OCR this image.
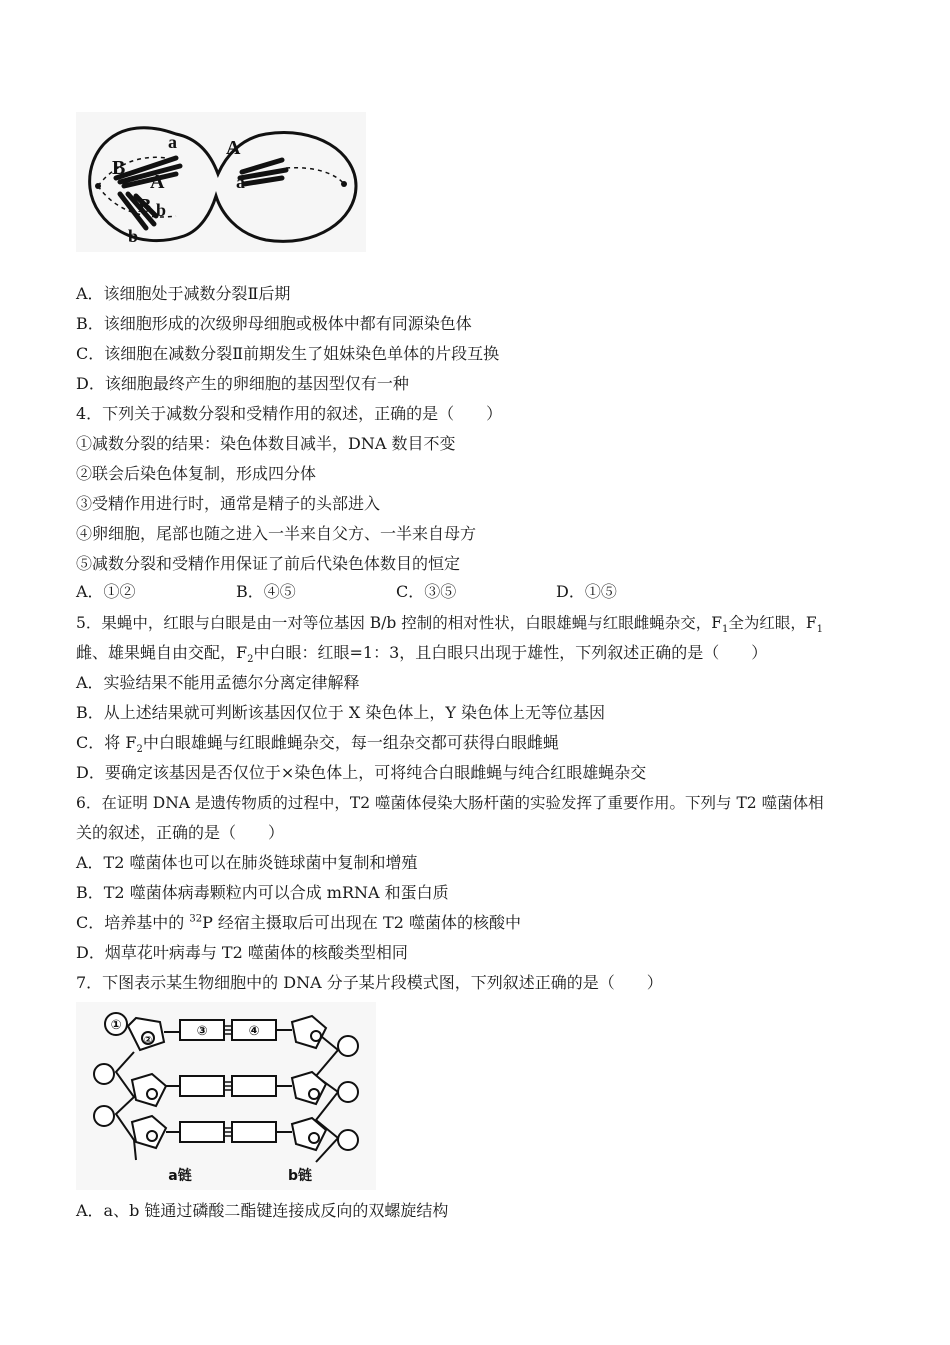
a A
B
A	a
B b
b
A．该细胞处于减数分裂Ⅱ后期
B．该细胞形成的次级卵母细胞或极体中都有同源染色体
C．该细胞在减数分裂Ⅱ前期发生了姐妹染色单体的片段互换
D．该细胞最终产生的卵细胞的基因型仅有一种
4．下列关于减数分裂和受精作用的叙述，正确的是（　　）
①减数分裂的结果：染色体数目减半，DNA 数目不变
②联会后染色体复制，形成四分体
③受精作用进行时，通常是精子的头部进入
④卵细胞，尾部也随之进入一半来自父方、一半来自母方
⑤减数分裂和受精作用保证了前后代染色体数目的恒定
A．①②	B．④⑤	C．③⑤	D．①⑤
5．果蝇中，红眼与白眼是由一对等位基因 B/b 控制的相对性状，白眼雄蝇与红眼雌蝇杂交，$F_1$全为红眼，$F_1$
雌、雄果蝇自由交配，$F_2$中白眼：红眼=1：3，且白眼只出现于雄性，下列叙述正确的是（　　）
A．实验结果不能用孟德尔分离定律解释
B．从上述结果就可判断该基因仅位于 X 染色体上，Y 染色体上无等位基因
C．将 $F_2$中白眼雄蝇与红眼雌蝇杂交，每一组杂交都可获得白眼雌蝇
D．要确定该基因是否仅位于×染色体上，可将纯合白眼雌蝇与纯合红眼雄蝇杂交
6．在证明 DNA 是遗传物质的过程中，T2 噬菌体侵染大肠杆菌的实验发挥了重要作用。下列与 T2 噬菌体相
关的叙述，正确的是（　　）
A．T2 噬菌体也可以在肺炎链球菌中复制和增殖
B．T2 噬菌体病毒颗粒内可以合成 mRNA 和蛋白质
C．培养基中的 $^{32}$P 经宿主摄取后可出现在 T2 噬菌体的核酸中
D．烟草花叶病毒与 T2 噬菌体的核酸类型相同
7．下图表示某生物细胞中的 DNA 分子某片段模式图，下列叙述正确的是（　　）
①
②
③	④
a链	b链
A．a、b 链通过磷酸二酯键连接成反向的双螺旋结构
